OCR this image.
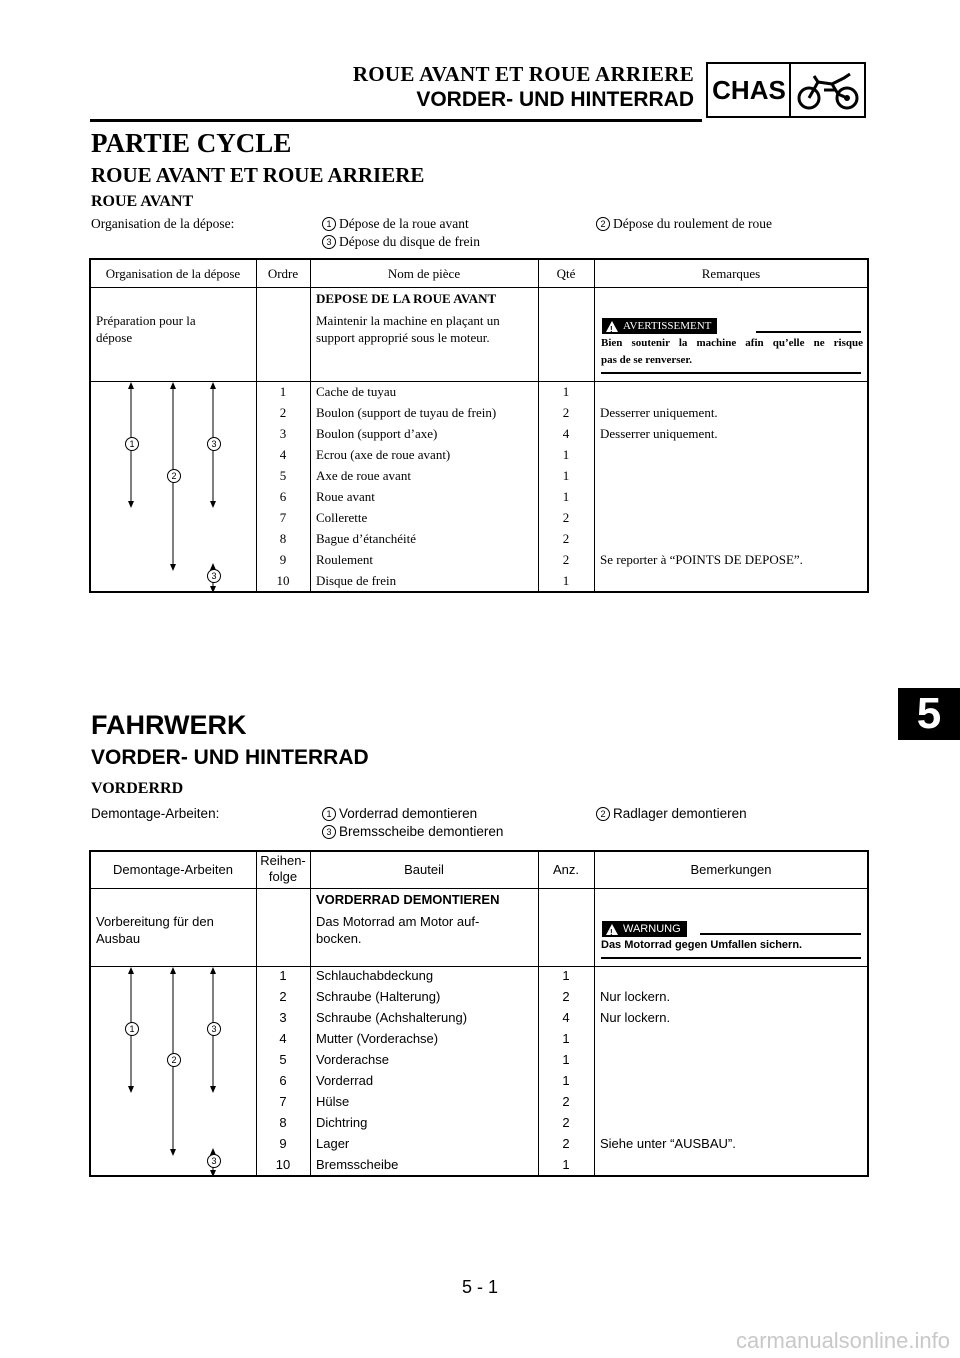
ROUE AVANT ET ROUE ARRIERE
VORDER- UND HINTERRAD CHAS
PARTIE CYCLE
ROUE AVANT ET ROUE ARRIERE
ROUE AVANT
Organisation de la dépose:	1 Dépose de la roue avant	2 Dépose du roulement de roue
3 Dépose du disque de frein
Organisation de la dépose	Ordre	Nom de pièce	Qté	Remarques
Préparation pour la
dépose
DEPOSE DE LA ROUE AVANT
Maintenir la machine en plaçant un
support approprié sous le moteur.
!
AVERTISSEMENT
Bien soutenir la machine afin qu’elle ne risque
pas de se renverser.
1
2
3
3
1	Cache de tuyau	1
2	Boulon (support de tuyau de frein)	2	Desserrer uniquement.
3	Boulon (support d’axe)	4	Desserrer uniquement.
4	Ecrou (axe de roue avant)	1
5	Axe de roue avant	1
6	Roue avant	1
7	Collerette	2
8	Bague d’étanchéité	2
9	Roulement	2	Se reporter à “POINTS DE DEPOSE”.
10	Disque de frein	1
5
FAHRWERK
VORDER- UND HINTERRAD
VORDERRD
Demontage-Arbeiten:	1 Vorderrad demontieren	2 Radlager demontieren
3 Bremsscheibe demontieren
Demontage-Arbeiten
Reihen-
folge	Bauteil	Anz.	Bemerkungen
Vorbereitung für den
Ausbau
VORDERRAD DEMONTIEREN
Das Motorrad am Motor auf-
bocken.
!
WARNUNG
Das Motorrad gegen Umfallen sichern.
1
2
3
3
1	Schlauchabdeckung	1
2	Schraube (Halterung)	2	Nur lockern.
3	Schraube (Achshalterung)	4	Nur lockern.
4	Mutter (Vorderachse)	1
5	Vorderachse	1
6	Vorderrad	1
7	Hülse	2
8	Dichtring	2
9	Lager	2	Siehe unter “AUSBAU”.
10	Bremsscheibe	1
5 - 1
carmanualsonline.info
